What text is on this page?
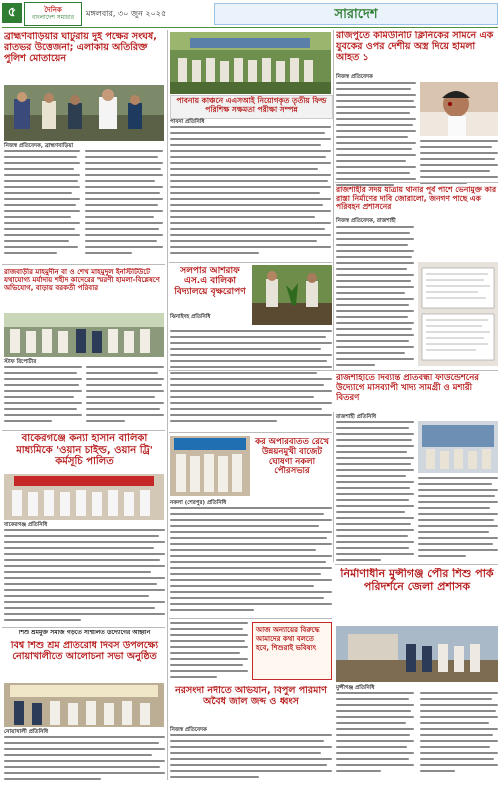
৫	দৈনিক
বাংলাদেশ সমাচার মঙ্গলবার, ৩০ জুন ২০২৫	সারাদেশ
ব্রাহ্মণবাড়িয়ার ঘাটুরায় দুই পক্ষের সংঘর্ষ, রাতভর উত্তেজনা; এলাকায় অতিরিক্ত পুলিশ মোতায়েন
নিজস্ব প্রতিবেদক, ব্রাহ্মণবাড়িয়া
পাবনায় কাঞ্চনে এএসআই নিয়োগকৃত তৃতীয় ফিল্ড পরিশিক্ষ সক্ষমতা পরীক্ষা সম্পন্ন
পাবনা প্রতিনিধি
রাজপুতে কমিউনিটি ক্লিনিকের সামনে এক যুবকের ওপর দেশীয় অস্ত্র দিয়ে হামলা আহত ১
নিজস্ব প্রতিবেদক
রাজশাহীর সদয় যাত্রায় থানার পূর্ব পাশে ভেনামুক্ত কার রাস্তা নির্মাণের দাবি জোরালো, জনগণ পাছে এক পরিবহন প্রশাসনের
নিজস্ব প্রতিবেদক, রাজশাহী
রাজবাড়ীর মাহমুদীন বা ও শেখ মাহমুদুল ইনস্টিটিউটে যথাযোগ্য মর্যাদায় শহীদ কাদেরের স্মরণী হামলা-বিশ্লেষণে অভিযোগ, বাড়ায় বরকতী পরিবার
স্টাফ রিপোর্টার
সলপার আশরাফ এস.এ বালিকা বিদ্যালয়ে বৃক্ষরোপণ
ঝিনাইদহ প্রতিনিধি
রাজশাহীতে দিব্যান্ত প্রতিবন্ধী ফাউন্ডেশনের উদ্যোগে মাসব্যাপী খাদ্য সামগ্রী ও মশারী বিতরণ
রাজশাহী প্রতিনিধি
বাকেরগঞ্জে কন্যা হাসান বালিকা মাধ্যমিকে 'ওয়ান চাইল্ড, ওয়ান ট্রি' কর্মসূচি পালিত
বাকেরগঞ্জ প্রতিনিধি
কর অপরিবর্তিত রেখে উন্নয়নমুখী বাজেট ঘোষণা নকলা পৌরসভার
নকলা (শেরপুর) প্রতিনিধি
নির্মাণাধীন মুন্সীগঞ্জ পৌর শিশু পার্ক পরিদর্শনে জেলা প্রশাসক
মুন্সীগঞ্জ প্রতিনিধি
শিশু শ্রমমুক্ত সমাজ গড়তে সম্মিলিত উদ্যোগের আহ্বান
বিশ্ব শিশু শ্রম প্রতিরোধ দিবস উপলক্ষ্যে নোয়াখালীতে আলোচনা সভা অনুষ্ঠিত
নোয়াখালী প্রতিনিধি
আজ অন্যায়ের বিরুদ্ধে আমাদের কথা বলতে হবে, শিশুরাই ভবিষ্যৎ
নরসংদা নদীতে অভিযান, বিপুল পরিমাণ অবৈধ জাল জব্দ ও ধ্বংস
নিজস্ব প্রতিবেদক
